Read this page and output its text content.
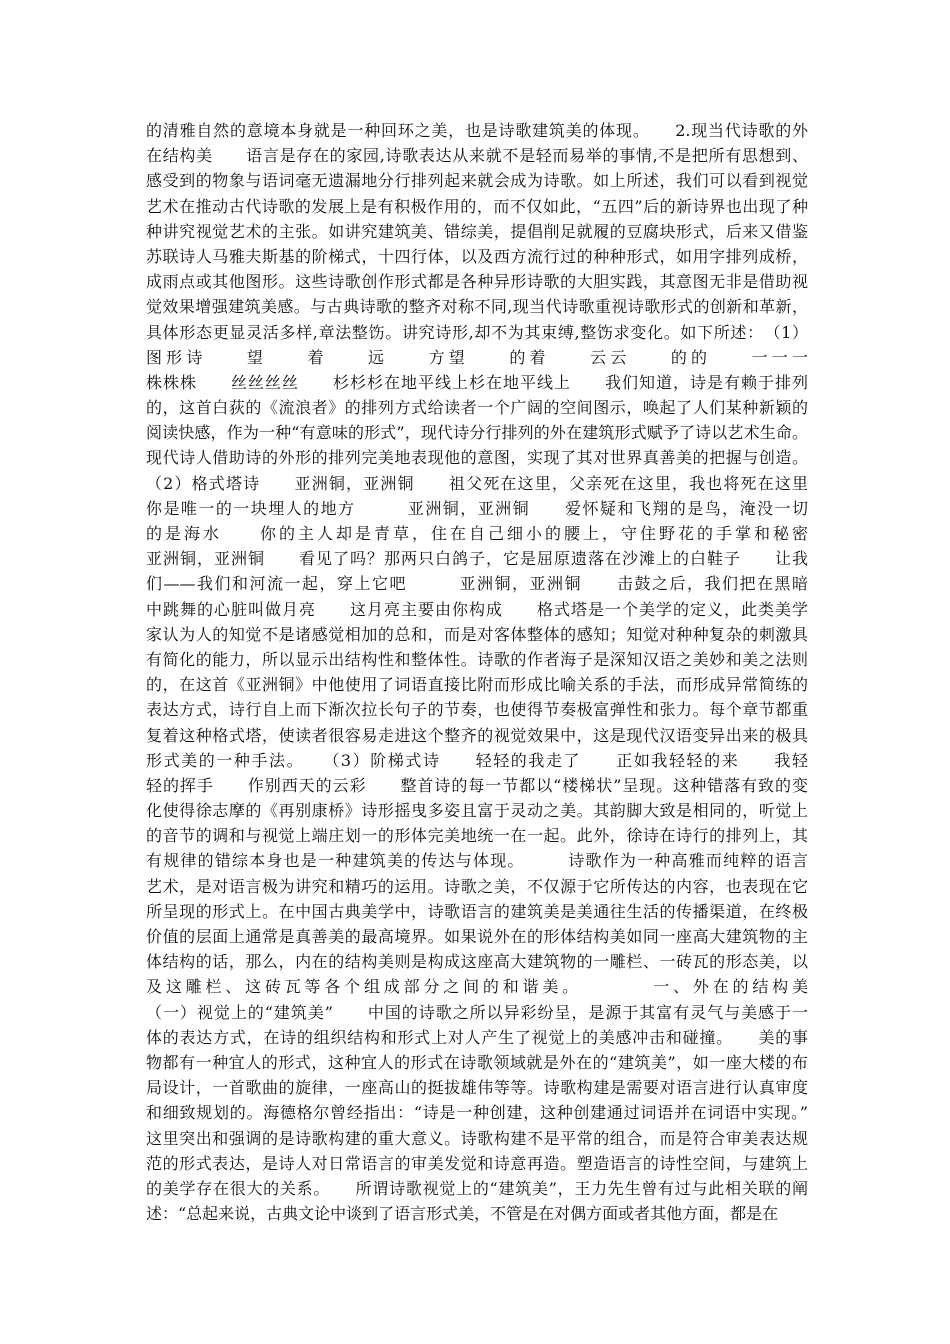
的清雅自然的意境本身就是一种回环之美，也是诗歌建筑美的体现。　　2.现当代诗歌的外
在结构美　　语言是存在的家园,诗歌表达从来就不是轻而易举的事情,不是把所有思想到、
感受到的物象与语词毫无遗漏地分行排列起来就会成为诗歌。如上所述，我们可以看到视觉
艺术在推动古代诗歌的发展上是有积极作用的，而不仅如此，“五四”后的新诗界也出现了种
种讲究视觉艺术的主张。如讲究建筑美、错综美，提倡削足就履的豆腐块形式，后来又借鉴
苏联诗人马雅夫斯基的阶梯式，十四行体，以及西方流行过的种种形式，如用字排列成桥，
成雨点或其他图形。这些诗歌创作形式都是各种异形诗歌的大胆实践，其意图无非是借助视
觉效果增强建筑美感。与古典诗歌的整齐对称不同,现当代诗歌重视诗歌形式的创新和革新，
具体形态更显灵活多样,章法整饬。讲究诗形,却不为其束缚,整饬求变化。如下所述：　（1）
图形诗　　望　　着　　远　　方望　　的着　　云云　　的的　　一一一
株株株　　丝丝丝丝　　杉杉杉在地平线上杉在地平线上　　我们知道，诗是有赖于排列
的，这首白荻的《流浪者》的排列方式给读者一个广阔的空间图示，唤起了人们某种新颖的
阅读快感，作为一种“有意味的形式”，现代诗分行排列的外在建筑形式赋予了诗以艺术生命。
现代诗人借助诗的外形的排列完美地表现他的意图，实现了其对世界真善美的把握与创造。
（2）格式塔诗　　亚洲铜，亚洲铜　　祖父死在这里，父亲死在这里，我也将死在这里
你是唯一的一块埋人的地方　　　亚洲铜，亚洲铜　　爱怀疑和飞翔的是鸟，淹没一切
的是海水　　你的主人却是青草，住在自己细小的腰上，守住野花的手掌和秘密
亚洲铜，亚洲铜　　看见了吗？那两只白鸽子，它是屈原遗落在沙滩上的白鞋子　　让我
们——我们和河流一起，穿上它吧　　　亚洲铜，亚洲铜　　击鼓之后，我们把在黑暗
中跳舞的心脏叫做月亮　　这月亮主要由你构成　　格式塔是一个美学的定义，此类美学
家认为人的知觉不是诸感觉相加的总和，而是对客体整体的感知；知觉对种种复杂的刺激具
有简化的能力，所以显示出结构性和整体性。诗歌的作者海子是深知汉语之美妙和美之法则
的，在这首《亚洲铜》中他使用了词语直接比附而形成比喻关系的手法，而形成异常简练的
表达方式，诗行自上而下渐次拉长句子的节奏，也使得节奏极富弹性和张力。每个章节都重
复着这种格式塔，使读者很容易走进这个整齐的视觉效果中，这是现代汉语变异出来的极具
形式美的一种手法。　　（3）阶梯式诗　　轻轻的我走了　　正如我轻轻的来　　我轻
轻的挥手　　作别西天的云彩　　整首诗的每一节都以“楼梯状”呈现。这种错落有致的变
化使得徐志摩的《再别康桥》诗形摇曳多姿且富于灵动之美。其韵脚大致是相同的，听觉上
的音节的调和与视觉上端庄划一的形体完美地统一在一起。此外，徐诗在诗行的排列上，其
有规律的错综本身也是一种建筑美的传达与体现。　　　诗歌作为一种高雅而纯粹的语言
艺术，是对语言极为讲究和精巧的运用。诗歌之美，不仅源于它所传达的内容，也表现在它
所呈现的形式上。在中国古典美学中，诗歌语言的建筑美是美通往生活的传播渠道，在终极
价值的层面上通常是真善美的最高境界。如果说外在的形体结构美如同一座高大建筑物的主
体结构的话，那么，内在的结构美则是构成这座高大建筑物的一雕栏、一砖瓦的形态美，以
及这雕栏、这砖瓦等各个组成部分之间的和谐美。　　　　一、外在的结构美
（一）视觉上的“建筑美”　　中国的诗歌之所以异彩纷呈，是源于其富有灵气与美感于一
体的表达方式，在诗的组织结构和形式上对人产生了视觉上的美感冲击和碰撞。　　美的事
物都有一种宜人的形式，这种宜人的形式在诗歌领域就是外在的“建筑美”，如一座大楼的布
局设计，一首歌曲的旋律，一座高山的挺拔雄伟等等。诗歌构建是需要对语言进行认真审度
和细致规划的。海德格尔曾经指出：“诗是一种创建，这种创建通过词语并在词语中实现。”
这里突出和强调的是诗歌构建的重大意义。诗歌构建不是平常的组合，而是符合审美表达规
范的形式表达，是诗人对日常语言的审美发觉和诗意再造。塑造语言的诗性空间，与建筑上
的美学存在很大的关系。　　所谓诗歌视觉上的“建筑美”，王力先生曾有过与此相关联的阐
述：“总起来说，古典文论中谈到了语言形式美，不管是在对偶方面或者其他方面，都是在
